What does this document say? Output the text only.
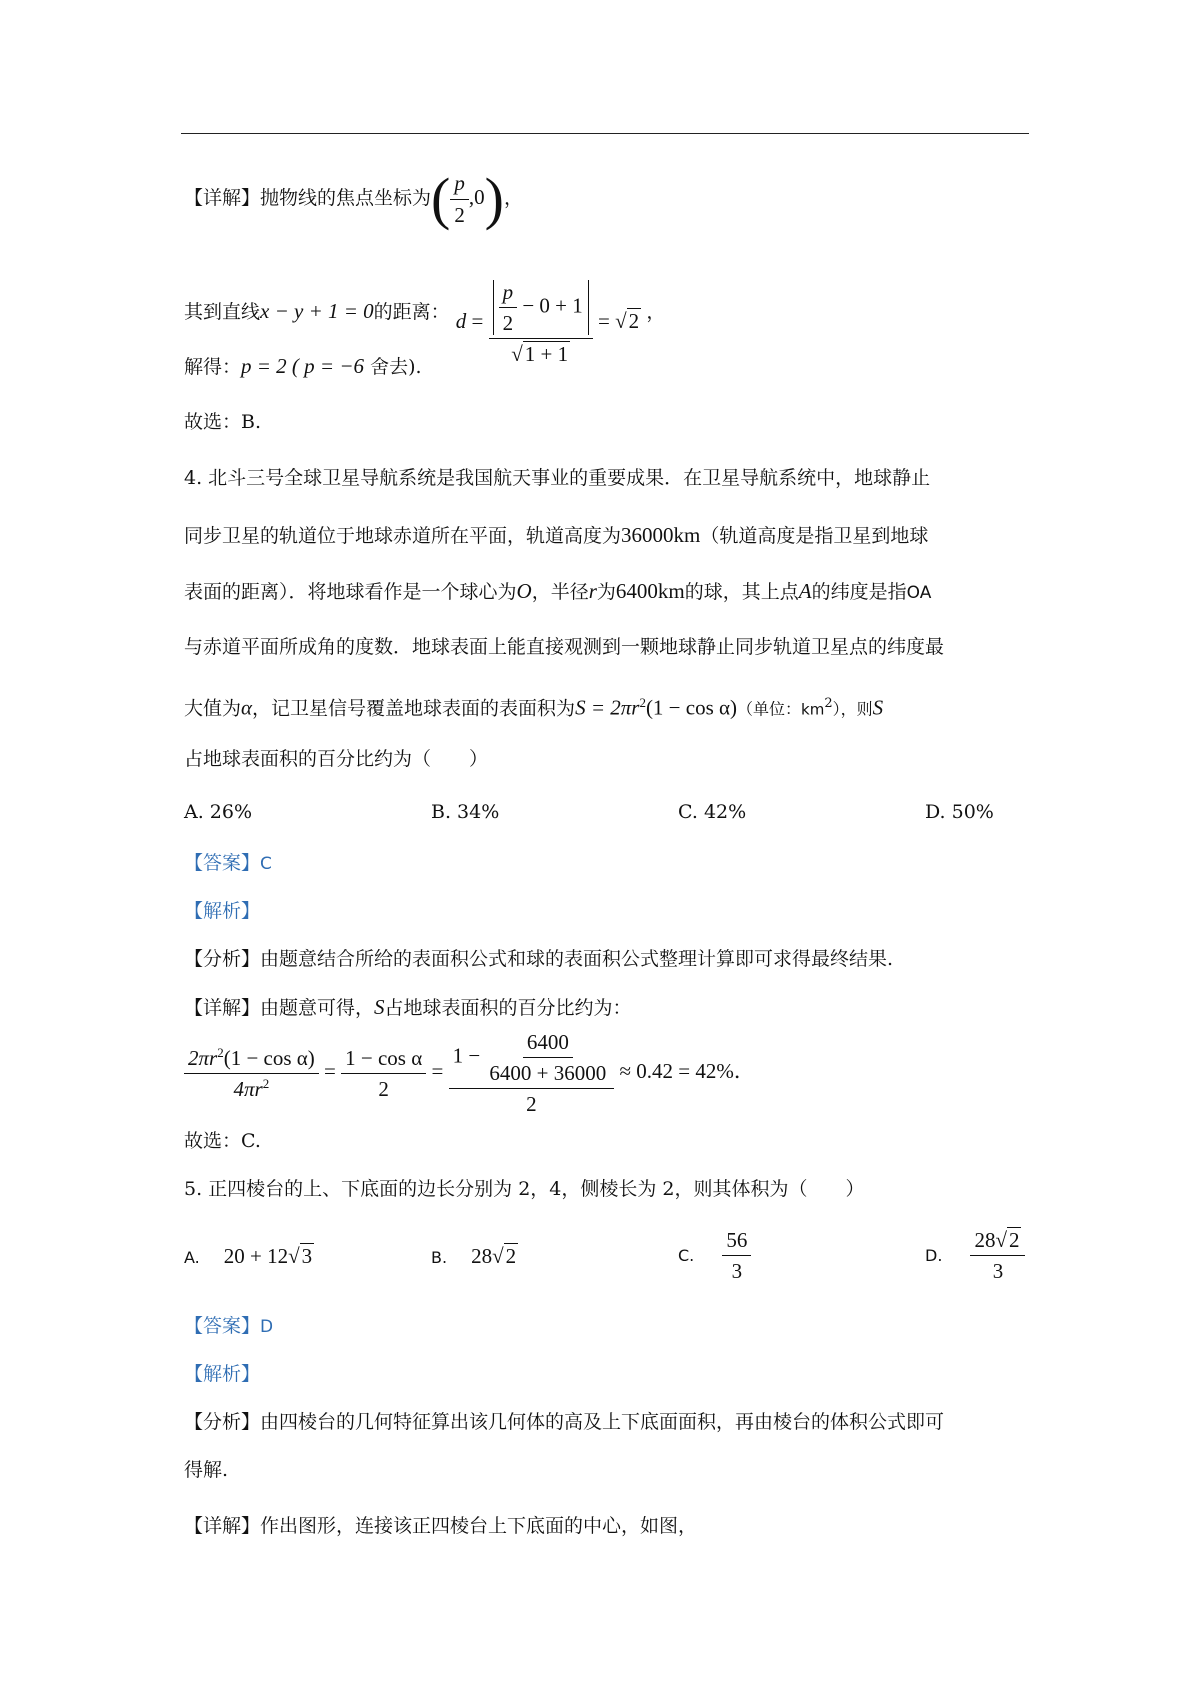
【详解】抛物线的焦点坐标为( $\frac{p}{2} ,0$)，
其到直线x − y + 1 = 0的距离： $d = \frac{\frac{p}{2} - 0 + 1}{√1 + 1} = √2$ ，
解得：p = 2 ( p = −6 舍去).
故选：B.
4. 北斗三号全球卫星导航系统是我国航天事业的重要成果．在卫星导航系统中，地球静止
同步卫星的轨道位于地球赤道所在平面，轨道高度为36000km（轨道高度是指卫星到地球
表面的距离）．将地球看作是一个球心为O，半径r为6400km的球，其上点A的纬度是指OA
与赤道平面所成角的度数．地球表面上能直接观测到一颗地球静止同步轨道卫星点的纬度最
大值为α，记卫星信号覆盖地球表面的表面积为$S = 2\pi r^2(1 - \cos \alpha)$（单位：$km^2$），则S
占地球表面积的百分比约为（　　）
A. 26%	B. 34%	C. 42%	D. 50%
【答案】C
【解析】
【分析】由题意结合所给的表面积公式和球的表面积公式整理计算即可求得最终结果.
【详解】由题意可得，S占地球表面积的百分比约为：
$\frac{2\pi r^2(1 - \cos \alpha)}{4\pi r^2} = \frac{\text{1 − cos α}}{2} = \frac{1 - \frac{6400}{6400 + 36000}}{2} \approx 0.42 = 42\%$．
故选：C.
5. 正四棱台的上、下底面的边长分别为 2，4，侧棱长为 2，则其体积为（　　）
A. 20 + 12√3	B. 28√2	C. $\frac{56}{3}$	D. $\frac{28√2}{3}$
【答案】D
【解析】
【分析】由四棱台的几何特征算出该几何体的高及上下底面面积，再由棱台的体积公式即可
得解.
【详解】作出图形，连接该正四棱台上下底面的中心，如图，
